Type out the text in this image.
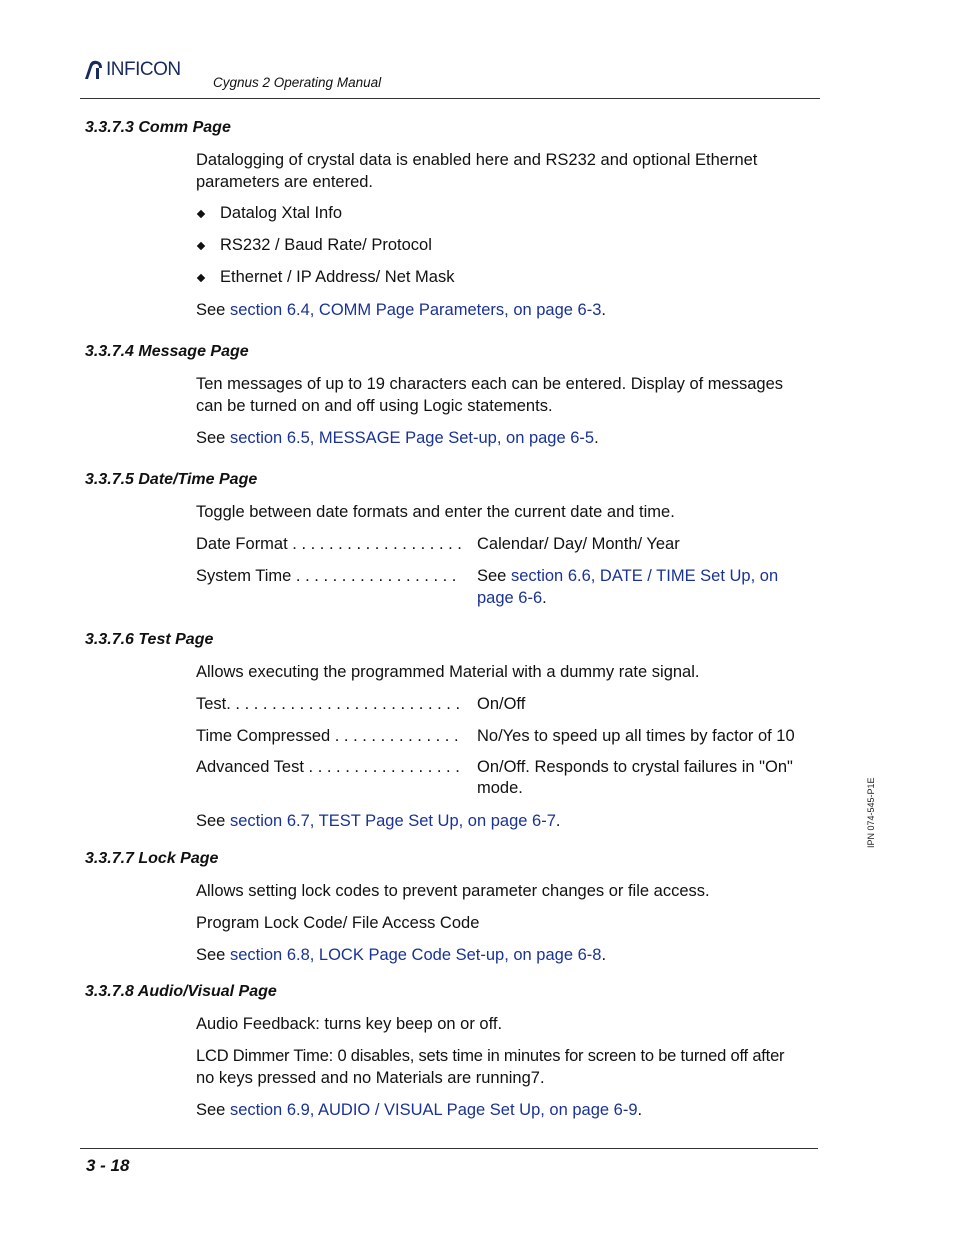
INFICON
Cygnus 2 Operating Manual
3.3.7.3 Comm Page
Datalogging of crystal data is enabled here and RS232 and optional Ethernet
parameters are entered.
Datalog Xtal Info
RS232 / Baud Rate/ Protocol
Ethernet / IP Address/ Net Mask
See section 6.4, COMM Page Parameters, on page 6-3.
3.3.7.4 Message Page
Ten messages of up to 19 characters each can be entered. Display of messages
can be turned on and off using Logic statements.
See section 6.5, MESSAGE Page Set-up, on page 6-5.
3.3.7.5 Date/Time Page
Toggle between date formats and enter the current date and time.
Date Format . . . . . . . . . . . . . . . . . . . Calendar/ Day/ Month/ Year
System Time . . . . . . . . . . . . . . . . . .	See section 6.6, DATE / TIME Set Up, on
page 6-6.
3.3.7.6 Test Page
Allows executing the programmed Material with a dummy rate signal.
Test. . . . . . . . . . . . . . . . . . . . . . . . . .	On/Off
Time Compressed . . . . . . . . . . . . . .	No/Yes to speed up all times by factor of 10
Advanced Test . . . . . . . . . . . . . . . . .	On/Off. Responds to crystal failures in "On"
mode.
See section 6.7, TEST Page Set Up, on page 6-7.
3.3.7.7 Lock Page
Allows setting lock codes to prevent parameter changes or file access.
Program Lock Code/ File Access Code
See section 6.8, LOCK Page Code Set-up, on page 6-8.
3.3.7.8 Audio/Visual Page
Audio Feedback: turns key beep on or off.
LCD Dimmer Time: 0 disables, sets time in minutes for screen to be turned off after
no keys pressed and no Materials are running7.
See section 6.9, AUDIO / VISUAL Page Set Up, on page 6-9.
IPN 074-545-P1E
3 - 18
